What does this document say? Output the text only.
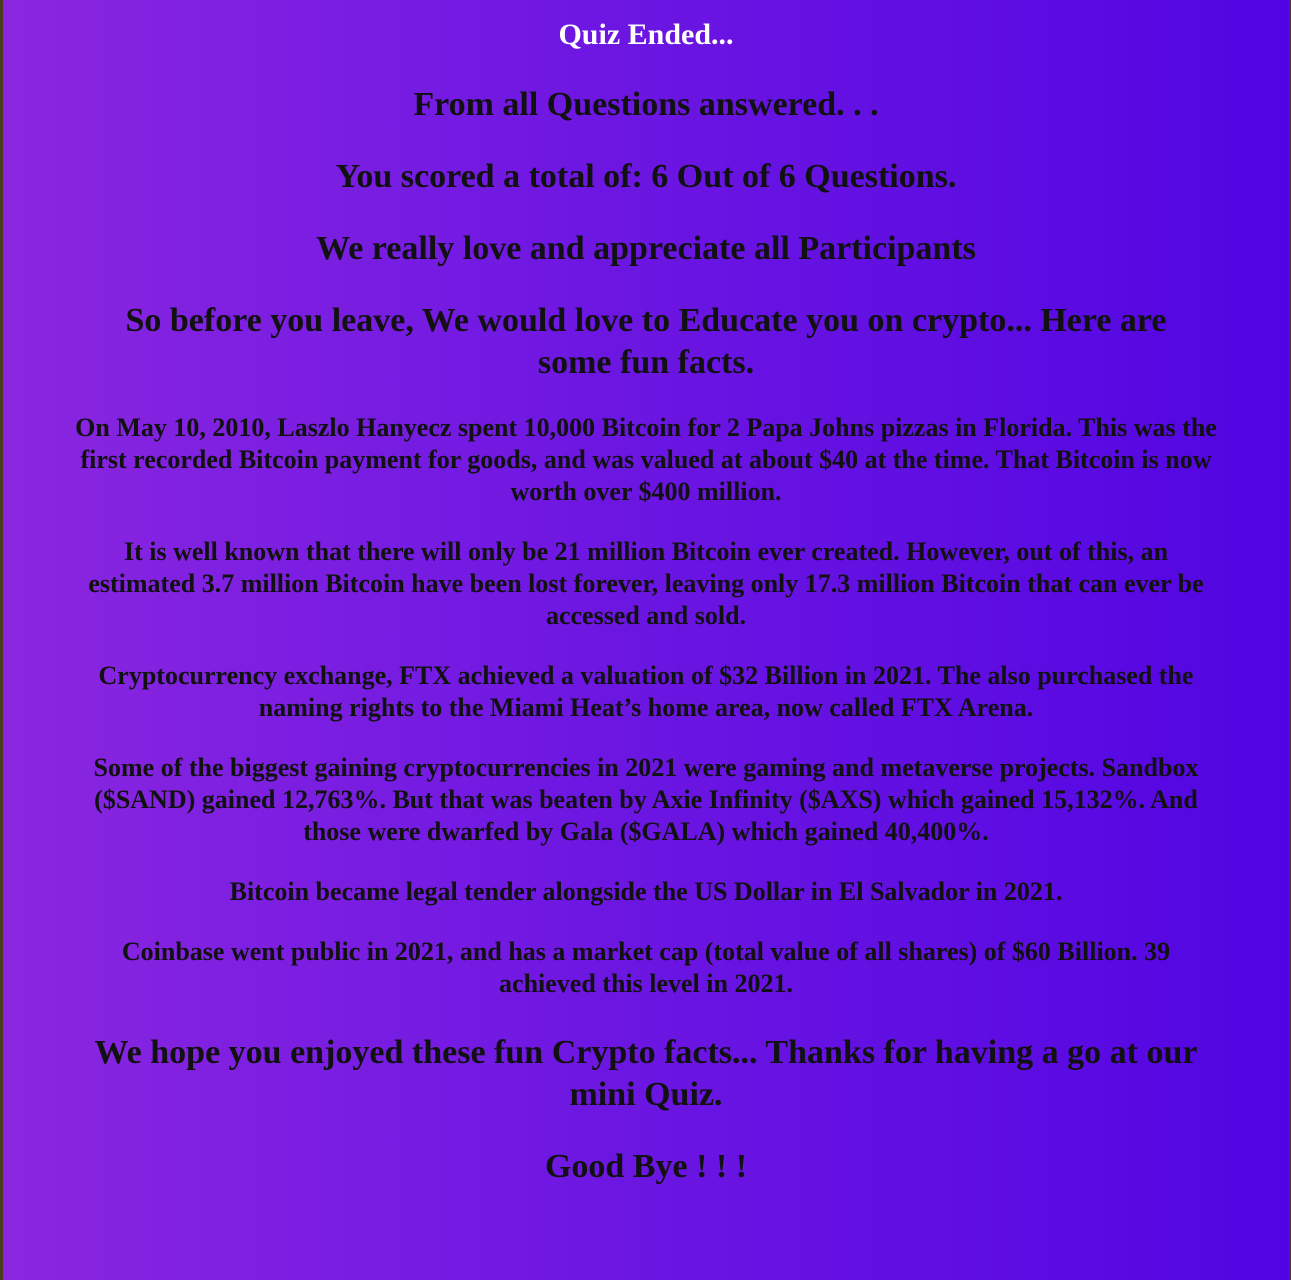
Quiz Ended...
From all Questions answered. . .
You scored a total of: 6 Out of 6 Questions.
We really love and appreciate all Participants
So before you leave, We would love to Educate you on crypto... Here are some fun facts.
On May 10, 2010, Laszlo Hanyecz spent 10,000 Bitcoin for 2 Papa Johns pizzas in Florida. This was the first recorded Bitcoin payment for goods, and was valued at about $40 at the time. That Bitcoin is now worth over $400 million.
It is well known that there will only be 21 million Bitcoin ever created. However, out of this, an estimated 3.7 million Bitcoin have been lost forever, leaving only 17.3 million Bitcoin that can ever be accessed and sold.
Cryptocurrency exchange, FTX achieved a valuation of $32 Billion in 2021. The also purchased the naming rights to the Miami Heat’s home area, now called FTX Arena.
Some of the biggest gaining cryptocurrencies in 2021 were gaming and metaverse projects. Sandbox ($SAND) gained 12,763%. But that was beaten by Axie Infinity ($AXS) which gained 15,132%. And those were dwarfed by Gala ($GALA) which gained 40,400%.
Bitcoin became legal tender alongside the US Dollar in El Salvador in 2021.
Coinbase went public in 2021, and has a market cap (total value of all shares) of $60 Billion. 39 achieved this level in 2021.
We hope you enjoyed these fun Crypto facts... Thanks for having a go at our mini Quiz.
Good Bye ! ! !
